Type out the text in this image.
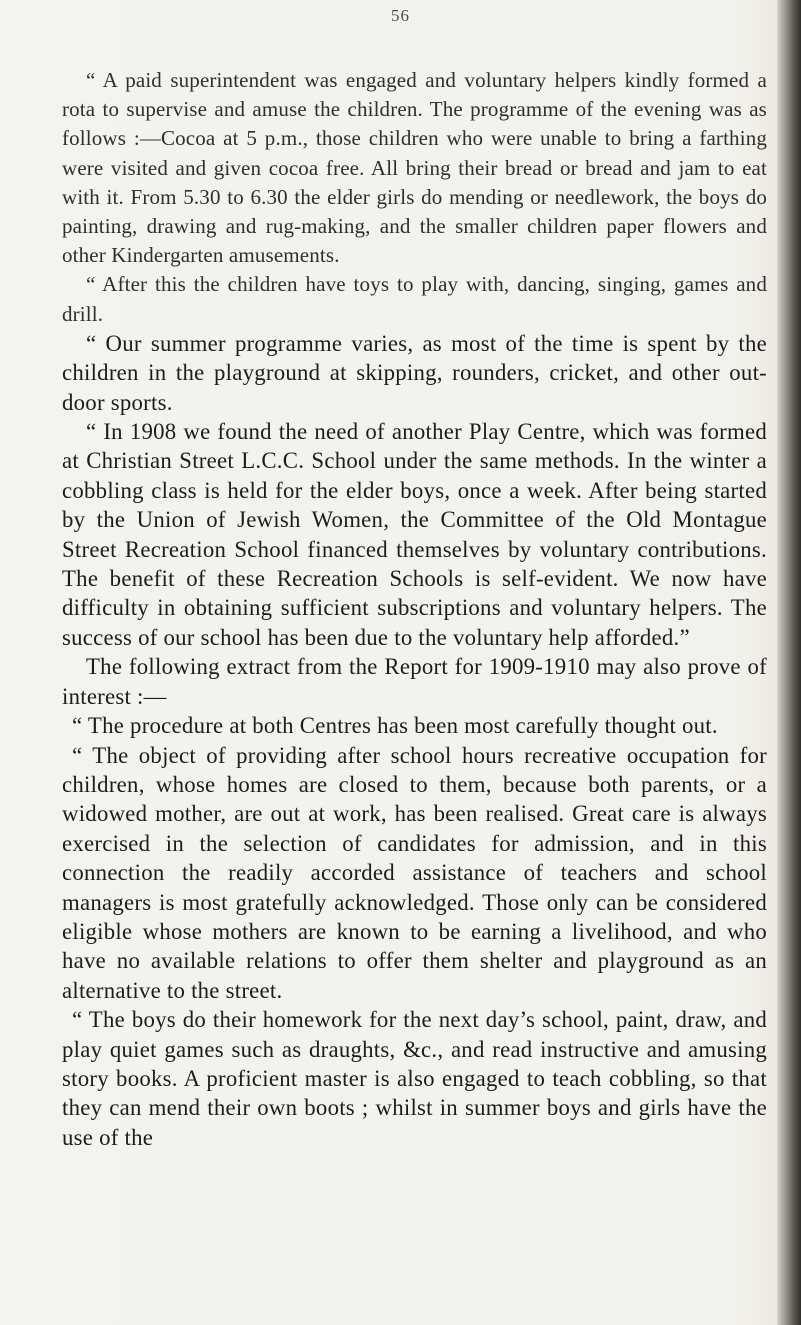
56

“ A paid superintendent was engaged and voluntary helpers kindly formed a rota to supervise and amuse the children. The programme of the evening was as follows :—Cocoa at 5 p.m., those children who were unable to bring a farthing were visited and given cocoa free. All bring their bread or bread and jam to eat with it. From 5.30 to 6.30 the elder girls do mending or needlework, the boys do painting, drawing and rug-making, and the smaller children paper flowers and other Kindergarten amusements.

“ After this the children have toys to play with, dancing, singing, games and drill.

“ Our summer programme varies, as most of the time is spent by the children in the playground at skipping, rounders, cricket, and other out-door sports.

“ In 1908 we found the need of another Play Centre, which was formed at Christian Street L.C.C. School under the same methods. In the winter a cobbling class is held for the elder boys, once a week. After being started by the Union of Jewish Women, the Committee of the Old Montague Street Recreation School financed themselves by voluntary contributions. The benefit of these Recreation Schools is self-evident. We now have difficulty in obtaining sufficient subscriptions and voluntary helpers. The success of our school has been due to the voluntary help afforded.”

The following extract from the Report for 1909-1910 may also prove of interest :—

“ The procedure at both Centres has been most carefully thought out.

“ The object of providing after school hours recreative occupation for children, whose homes are closed to them, because both parents, or a widowed mother, are out at work, has been realised. Great care is always exercised in the selection of candidates for admission, and in this connection the readily accorded assistance of teachers and school managers is most gratefully acknowledged. Those only can be considered eligible whose mothers are known to be earning a livelihood, and who have no available relations to offer them shelter and playground as an alternative to the street.

“ The boys do their homework for the next day’s school, paint, draw, and play quiet games such as draughts, &c., and read instructive and amusing story books. A proficient master is also engaged to teach cobbling, so that they can mend their own boots ; whilst in summer boys and girls have the use of the
